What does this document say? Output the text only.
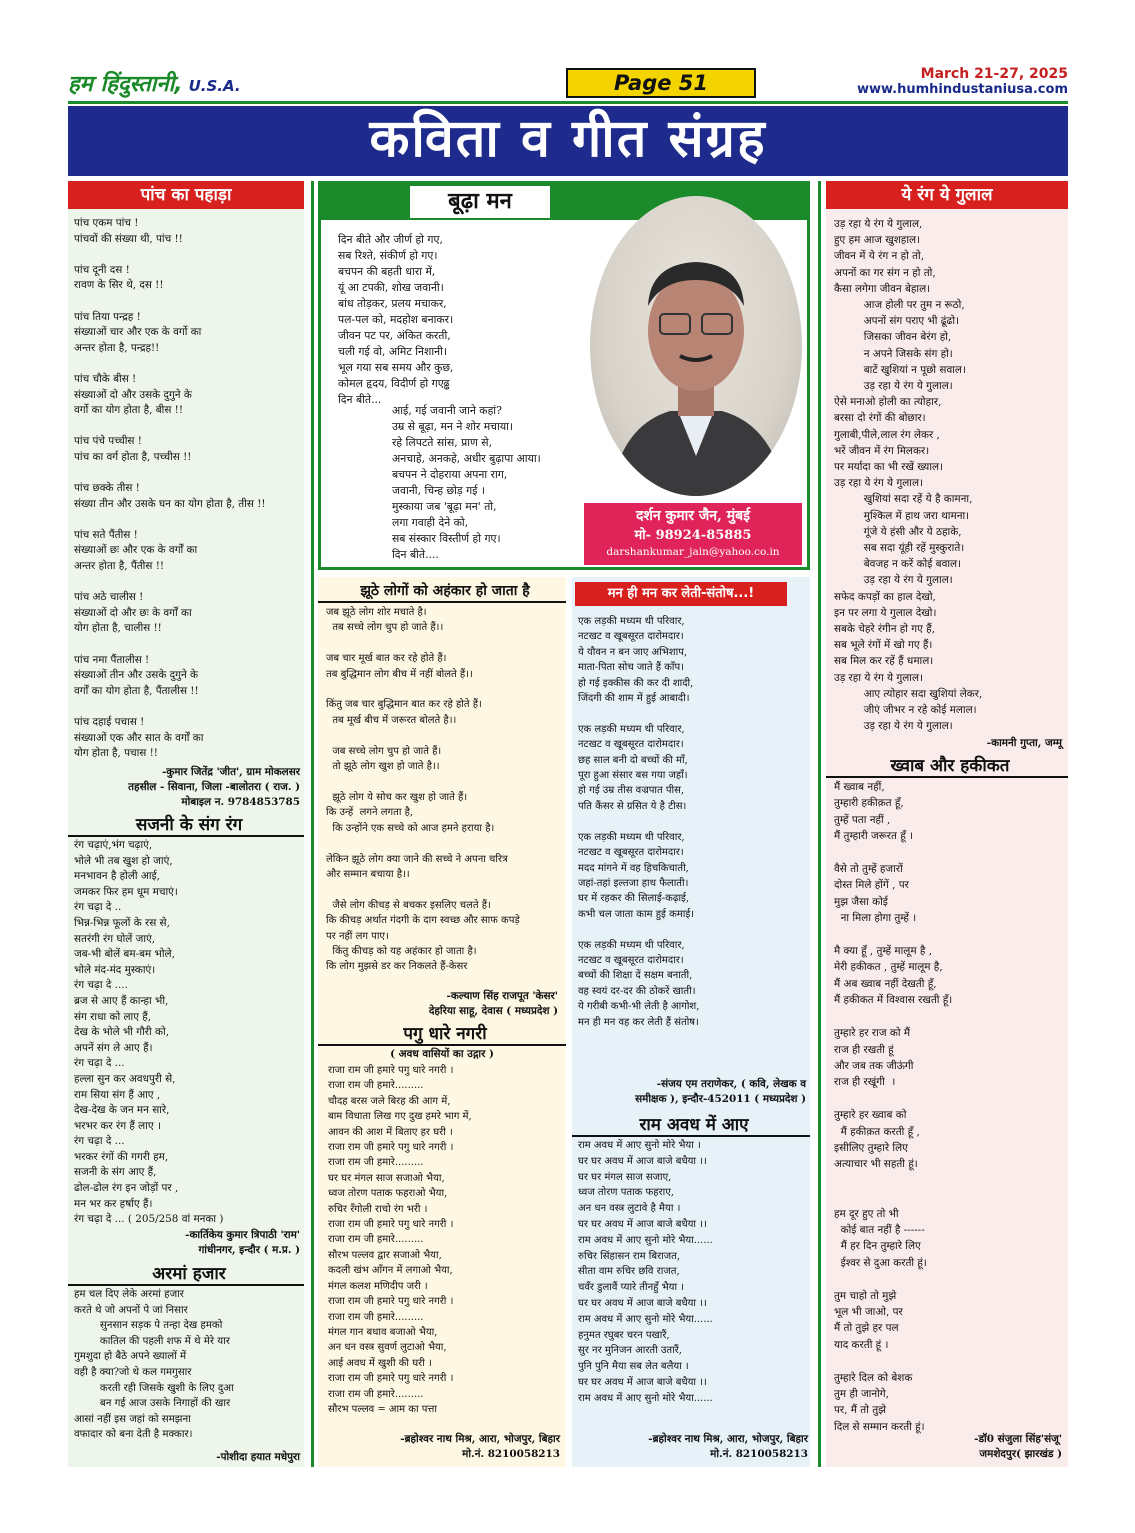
हम हिंदुस्तानी, U.S.A.	Page 51	March 21-27, 2025
www.humhindustaniusa.com
कविता व गीत संग्रह
पांच का पहाड़ा
पांच एकम पांच !
पांचवों की संख्या थी, पांच !!

पांच दूनी दस !
रावण के सिर थे, दस !!

पांच तिया पन्द्रह !
संख्याओं चार और एक के वर्गो का
अन्तर होता है, पन्द्रह!!

पांच चौके बीस !
संख्याओं दो और उसके दुगुने के
वर्गो का योग होता है, बीस !!

पांच पंचे पच्चीस !
पांच का वर्ग होता है, पच्चीस !!

पांच छक्के तीस !
संख्या तीन और उसके घन का योग होता है, तीस !!

पांच सते पैंतीस !
संख्याओं छः और एक के वर्गों का
अन्तर होता है, पैंतीस !!

पांच अठे चालीस !
संख्याओं दो और छः के वर्गों का
योग होता है, चालीस !!

पांच नमा पैंतालीस !
संख्याओं तीन और उसके दुगुने के
वर्गों का योग होता है, पैंतालीस !!

पांच दहाई पचास !
संख्याओं एक और सात के वर्गों का
योग होता है, पचास !!
-कुमार जितेंद्र 'जीत', ग्राम मोकलसर
तहसील - सिवाना, जिला -बालोतरा ( राज. )
मोबाइल न. 9784853785
सजनी के संग रंग
रंग चढ़ाएं,भंग चढ़ाएं,
भोले भी तब खुश हो जाएं,
मनभावन है होली आई,
जमकर फिर हम धूम मचाएं।
रंग चढ़ा दे ..
भिन्न-भिन्न फूलों के रस से,
सतरंगी रंग घोलें जाएं,
जब-भी बोलें बम-बम भोले,
भोले मंद-मंद मुस्काएं।
रंग चढ़ा दे ....
ब्रज से आए हैं कान्हा भी,
संग राधा को लाए हैं,
देख के भोले भी गौरी को,
अपनें संग ले आए हैं।
रंग चढ़ा दे ...
हल्ला सुन कर अवधपुरी से,
राम सिया संग हैं आए ,
देख-देख के जन मन सारे,
भरभर कर रंग हैं लाए ।
रंग चढ़ा दे ...
भरकर रंगों की गगरी हम,
सजनी के संग आए हैं,
ढोल-ढोल रंग इन जोड़ों पर ,
मन भर कर हर्षाए हैं।
रंग चढ़ा दे ... ( 205/258 वां मनका )
-कार्तिकेय कुमार त्रिपाठी 'राम'
गांधीनगर, इन्दौर ( म.प्र. )
अरमां हजार
हम चल दिए लेके अरमां हजार
करते थे जो अपनों पे जां निसार
सुनसान सड़क पे तन्हा देख हमको
कातिल की पहली शफ में थे मेरे यार
गुमशुदा हो बैठे अपने ख्यालों में
वही है क्या?जो थे कल गमगुसार
करती रही जिसके खुशी के लिए दुआ
बन गई आज उसके निगाहों की खार
आसां नहीं इस जहां को समझना
वफादार को बना देती है मक्कार।
-पोशीदा हयात मधेपुरा
बूढ़ा मन
दिन बीते और जीर्ण हो गए,
सब रिश्ते, संकीर्ण हो गए।
बचपन की बहती धारा में,
यूं आ टपकी, शोख जवानी।
बांध तोड़कर, प्रलय मचाकर,
पल-पल को, मदहोश बनाकर।
जीवन पट पर, अंकित करती,
चली गई वो, अमिट निशानी।
भूल गया सब समय और कुछ,
कोमल हृदय, विदीर्ण हो गएढ्ढ
दिन बीते...
आई, गई जवानी जाने कहां?
उम्र से बूढ़ा, मन ने शोर मचाया।
रहे लिपटते सांस, प्राण से,
अनचाहे, अनकहे, अधीर बुढ़ापा आया।
बचपन ने दोहराया अपना राग,
जवानी, चिन्ह छोड़ गई ।
मुस्काया जब 'बूढ़ा मन' तो,
लगा गवाही देने को,
सब संस्कार विस्तीर्ण हो गए।
दिन बीते....
दर्शन कुमार जैन, मुंबई
मो- 98924-85885
darshankumar_jain@yahoo.co.in
झूठे लोगों को अहंकार हो जाता है
जब झूठे लोग शोर मचाते है।
तब सच्चे लोग चुप हो जाते हैं।।

जब चार मूर्ख बात कर रहे होते हैं।
तब बुद्धिमान लोग बीच में नहीं बोलते हैं।।

किंतु जब चार बुद्धिमान बात कर रहे होते हैं।
तब मूर्ख बीच में जरूरत बोलते है।।

जब सच्चे लोग चुप हो जाते हैं।
तो झूठे लोग खुश हो जाते है।।

झूठे लोग ये सोच कर खुश हो जाते हैं।
कि उन्हें  लगने लगता है,
कि उन्होंने एक सच्चे को आज हमने हराया है।

लेकिन झूठे लोग क्या जाने की सच्चे ने अपना चरित्र
और सम्मान बचाया है।।

जैसे लोग कीचड़ से बचकर इसलिए चलते हैं।
कि कीचड़ अर्थात गंदगी के दाग स्वच्छ और साफ कपड़े
पर नहीं लग पाए।
किंतु कीचड़ को यह अहंकार हो जाता है।
कि लोग मुझसे डर कर निकलते हैं-केसर
-कल्याण सिंह राजपूत 'केसर'
देहरिया साहू, देवास ( मध्यप्रदेश )
पगु धारे नगरी
( अवध वासियों का उद्गार )
राजा राम जी हमारे पगु धारे नगरी ।
राजा राम जी हमारे.........
चौदह बरस जले बिरह की आग में,
बाम विधाता लिख गए दुख हमरे भाग में,
आवन की आश में बिताए हर घरी ।
राजा राम जी हमारे पगु धारे नगरी ।
राजा राम जी हमारे.........
घर घर मंगल साज सजाओ भैया,
ध्वज तोरण पताक फहराओ भैया,
रुचिर रँगोली राचो रंग भरी ।
राजा राम जी हमारे पगु धारे नगरी ।
राजा राम जी हमारे.........
सौरभ पल्लव द्वार सजाओ भैया,
कदली खंभ आँगन में लगाओ भैया,
मंगल कलश मणिदीप जरी ।
राजा राम जी हमारे पगु धारे नगरी ।
राजा राम जी हमारे.........
मंगल गान बधाव बजाओ भैया,
अन धन वस्त्र सुवर्ण लुटाओ भैया,
आई अवध में खुशी की घरी ।
राजा राम जी हमारे पगु धारे नगरी ।
राजा राम जी हमारे.........
सौरभ पल्लव = आम का पत्ता
-ब्रहोश्वर नाथ मिश्र, आरा, भोजपुर, बिहार
मो.नं. 8210058213
मन ही मन कर लेती-संतोष...!
एक लड़की मध्यम थी परिवार,
नटखट व खूबसूरत दारोमदार।
ये यौवन न बन जाए अभिशाप,
माता-पिता सोच जाते हैं काँप।
हो गई इक्कीस की कर दी शादी,
जिंदगी की शाम में हुई आबादी।

एक लड़की मध्यम थी परिवार,
नटखट व खूबसूरत दारोमदार।
छह साल बनी दो बच्चों की माँ,
पूरा हुआ संसार बस गया जहाँ।
हो गई उम्र तीस वज्रपात पीस,
पति कैंसर से ग्रसित ये है टीस।

एक लड़की मध्यम थी परिवार,
नटखट व खूबसूरत दारोमदार।
मदद मांगने में वह हिचकिचाती,
जहां-तहां इल्तजा हाथ फैलाती।
घर में रहकर की सिलाई-कढ़ाई,
कभी चल जाता काम हुई कमाई।

एक लड़की मध्यम थी परिवार,
नटखट व खूबसूरत दारोमदार।
बच्चों की शिक्षा दें सक्षम बनाती,
वह स्वयं दर-दर की ठोकरें खाती।
ये गरीबी कभी-भी लेती है आगोश,
मन ही मन वह कर लेती हैं संतोष।
-संजय एम तराणेकर, ( कवि, लेखक व
समीक्षक ), इन्दौर-452011 ( मध्यप्रदेश )
राम अवध में आए
राम अवध में आए सुनो मोरे भैया ।
घर घर अवध में आज बाजे बधैया ।।
घर घर मंगल साज सजाए,
ध्वज तोरण पताक फहराए,
अन धन वस्त्र लुटावे है मैया ।
घर घर अवध में आज बाजे बधैया ।।
राम अवध में आए सुनो मोरे भैया......
रुचिर सिंहासन राम बिराजत,
सीता वाम रुचिर छवि राजत,
चवँर डुलावैं प्यारे तीनहुँ भैया ।
घर घर अवध में आज बाजे बधैया ।।
राम अवध में आए सुनो मोरे भैया......
हनुमत रघुबर चरन पखारैं,
सुर नर मुनिजन आरती उतारैं,
पुनि पुनि मैया सब लेत बलैया ।
घर घर अवध में आज बाजे बधैया ।।
राम अवध में आए सुनो मोरे भैया......
-ब्रहोश्वर नाथ मिश्र, आरा, भोजपुर, बिहार
मो.नं. 8210058213
ये रंग ये गुलाल
उड़ रहा ये रंग ये गुलाल,
हुए हम आज खुशहाल।
जीवन में ये रंग न हो तो,
अपनों का गर संग न हो तो,
कैसा लगेगा जीवन बेहाल।
आज होली पर तुम न रूठो,
अपनों संग पराए भी ढूंढो।
जिसका जीवन बेरंग हो,
न अपने जिसके संग हो।
बाटें खुशियां न पूछो सवाल।
उड़ रहा ये रंग ये गुलाल।
ऐसे मनाओ होली का त्योहार,
बरसा दो रंगों की बोछार।
गुलाबी,पीले,लाल रंग लेकर ,
भरें जीवन में रंग मिलकर।
पर मर्यादा का भी रखें ख्याल।
उड़ रहा ये रंग ये गुलाल।
खुशियां सदा रहें ये है कामना,
मुश्किल में हाथ जरा थामना।
गूंजे ये हंसी और ये ठहाके,
सब सदा यूंही रहें मुस्कुराते।
बेवजह न करें कोई बवाल।
उड़ रहा ये रंग ये गुलाल।
सफेद कपड़ों का हाल देखो,
इन पर लगा ये गुलाल देखो।
सबके चेहरे रंगीन हो गए हैं,
सब भूले रंगों में खो गए हैं।
सब मिल कर रहें हैं धमाल।
उड़ रहा ये रंग ये गुलाल।
आए त्योहार सदा खुशियां लेकर,
जीएं जीभर न रहे कोई मलाल।
उड़ रहा ये रंग ये गुलाल।
-कामनी गुप्ता, जम्मू
ख्वाब और हकीकत
मैं ख्वाब नहीं,
तुम्हारी हकीक़त हूँ,
तुम्हें पता नहीं ,
मैं तुम्हारी जरूरत हूँ ।

वैसे तो तुम्हें हजारों
दोस्त मिले होंगें , पर
मुझ जैसा कोई
ना मिला होगा तुम्हें ।

मै क्या हूँ , तुम्हें मालूम है ,
मेरी हकीकत , तुम्हें मालूम है,
मैं अब ख्वाब नहीं देखती हूँ,
मैं हकीकत में विश्वास रखती हूँ।

तुम्हारे हर राज को मैं
राज ही रखती हूं
और जब तक जीऊंगी
राज ही रखूंगी  ।

तुम्हारे हर ख्वाब को
मैं हकीक़त करती हूँ ,
इसीलिए तुम्हारे लिए
अत्याचार भी सहती हूं।

हम दूर हुए तो भी
कोई बात नहीं है ------
मैं हर दिन तुम्हारे लिए
ईश्वर से दुआ करती हूं।

तुम चाहो तो मुझे
भूल भी जाओ, पर
मैं तो तुझे हर पल
याद करती हूं ।

तुम्हारे दिल को बेशक
तुम ही जानोगे,
पर, मैं तो तुझे
दिल से सम्मान करती हूं।
-डॉ0 संजुला सिंह'संजू'
जमशेदपुर( झारखंड )
